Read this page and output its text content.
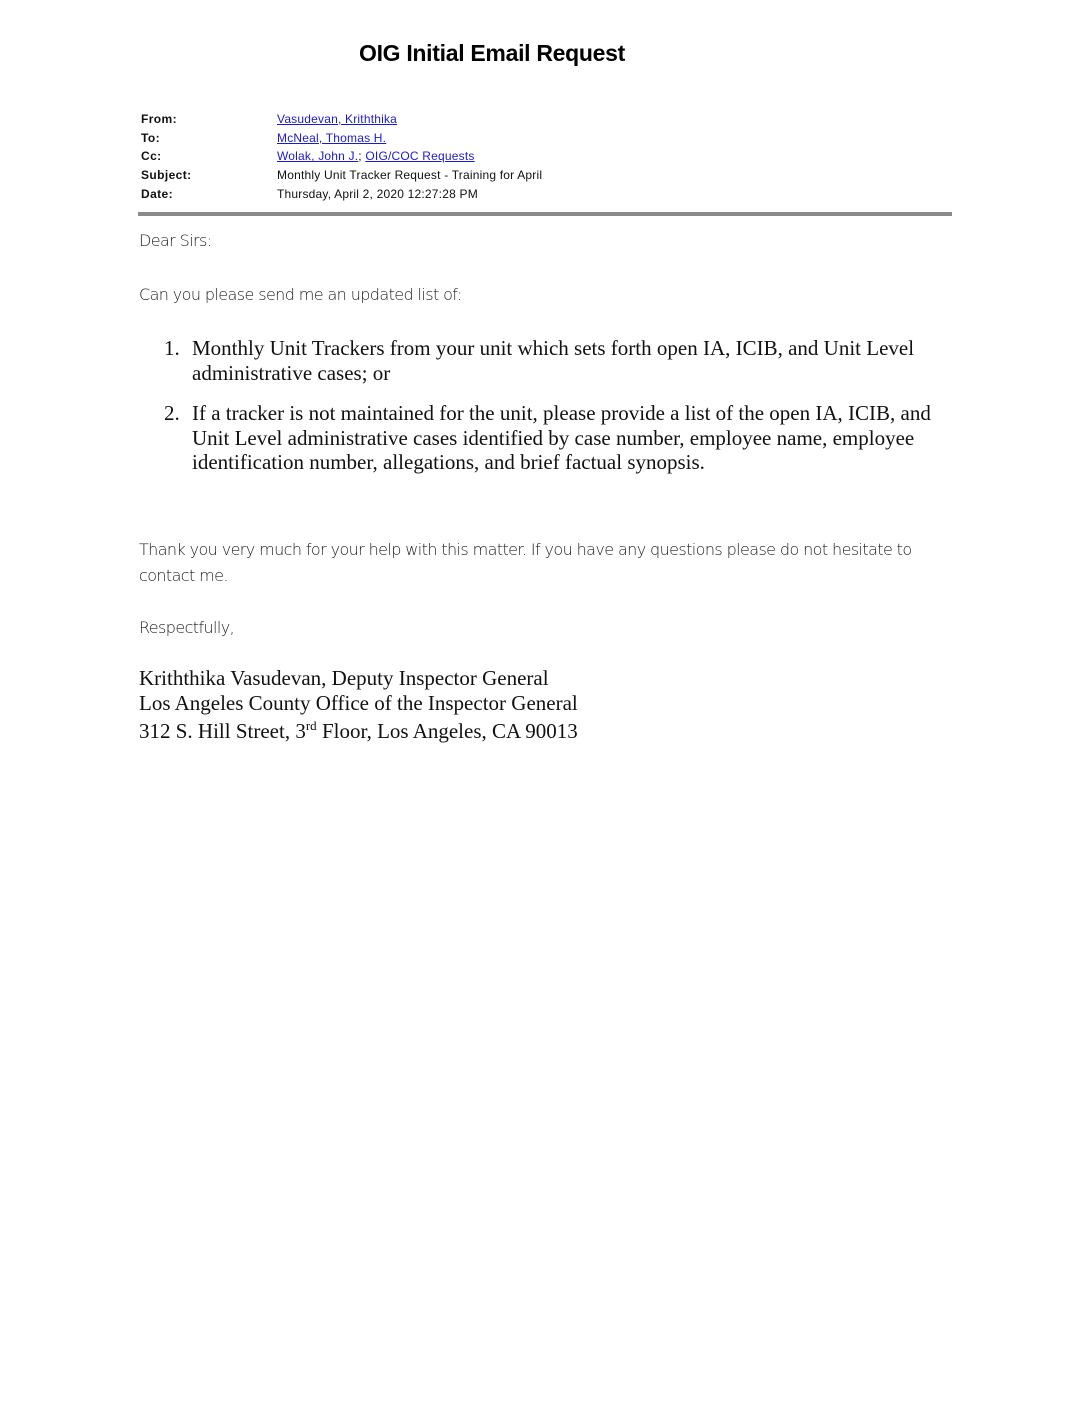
OIG Initial Email Request
From:	Vasudevan, Kriththika
To:	McNeal, Thomas H.
Cc:	Wolak, John J.; OIG/COC Requests
Subject:	Monthly Unit Tracker Request - Training for April
Date:	Thursday, April 2, 2020 12:27:28 PM
Dear Sirs:
Can you please send me an updated list of:
1. Monthly Unit Trackers from your unit which sets forth open IA, ICIB, and Unit Level administrative cases; or
2. If a tracker is not maintained for the unit, please provide a list of the open IA, ICIB, and Unit Level administrative cases identified by case number, employee name, employee identification number, allegations, and brief factual synopsis.
Thank you very much for your help with this matter. If you have any questions please do not hesitate to contact me.
Respectfully,
Kriththika Vasudevan, Deputy Inspector General
Los Angeles County Office of the Inspector General
312 S. Hill Street, 3rd Floor, Los Angeles, CA 90013
